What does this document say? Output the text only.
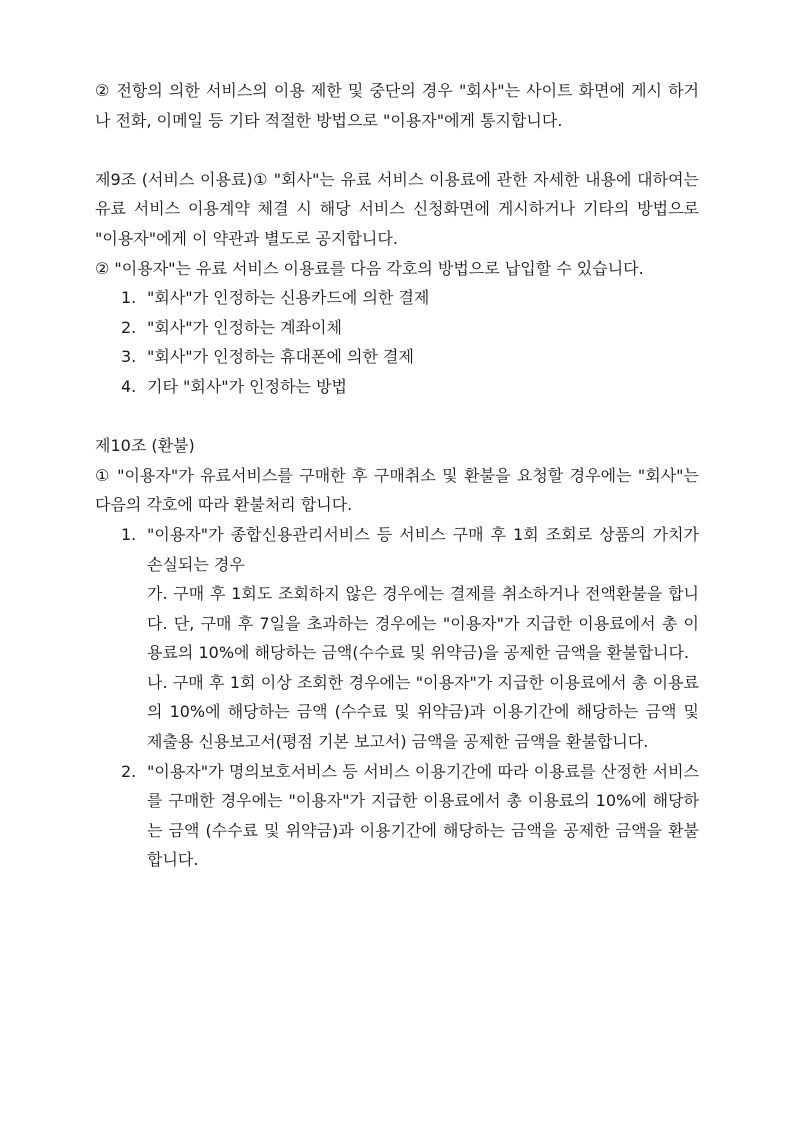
② 전항의 의한 서비스의 이용 제한 및 중단의 경우 "회사"는 사이트 화면에 게시 하거나 전화, 이메일 등 기타 적절한 방법으로 "이용자"에게 통지합니다.

제9조 (서비스 이용료)① "회사"는 유료 서비스 이용료에 관한 자세한 내용에 대하여는 유료 서비스 이용계약 체결 시 해당 서비스 신청화면에 게시하거나 기타의 방법으로 "이용자"에게 이 약관과 별도로 공지합니다.

② "이용자"는 유료 서비스 이용료를 다음 각호의 방법으로 납입할 수 있습니다.

1. "회사"가 인정하는 신용카드에 의한 결제
2. "회사"가 인정하는 계좌이체
3. "회사"가 인정하는 휴대폰에 의한 결제
4. 기타 "회사"가 인정하는 방법

제10조 (환불)

① "이용자"가 유료서비스를 구매한 후 구매취소 및 환불을 요청할 경우에는 "회사"는 다음의 각호에 따라 환불처리 합니다.

1. "이용자"가 종합신용관리서비스 등 서비스 구매 후 1회 조회로 상품의 가치가 손실되는 경우
가. 구매 후 1회도 조회하지 않은 경우에는 결제를 취소하거나 전액환불을 합니다. 단, 구매 후 7일을 초과하는 경우에는 "이용자"가 지급한 이용료에서 총 이용료의 10%에 해당하는 금액(수수료 및 위약금)을 공제한 금액을 환불합니다.
나. 구매 후 1회 이상 조회한 경우에는 "이용자"가 지급한 이용료에서 총 이용료의 10%에 해당하는 금액 (수수료 및 위약금)과 이용기간에 해당하는 금액 및 제출용 신용보고서(평점 기본 보고서) 금액을 공제한 금액을 환불합니다.
2. "이용자"가 명의보호서비스 등 서비스 이용기간에 따라 이용료를 산정한 서비스를 구매한 경우에는 "이용자"가 지급한 이용료에서 총 이용료의 10%에 해당하는 금액 (수수료 및 위약금)과 이용기간에 해당하는 금액을 공제한 금액을 환불합니다.
